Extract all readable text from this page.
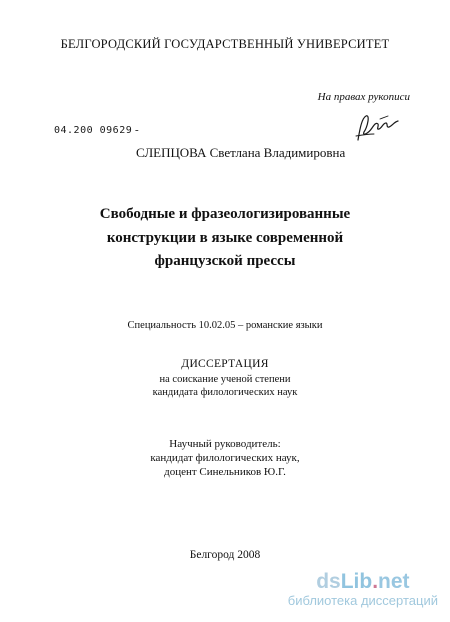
БЕЛГОРОДСКИЙ ГОСУДАРСТВЕННЫЙ УНИВЕРСИТЕТ
На правах рукописи
04.200 09629 -
СЛЕПЦОВА Светлана Владимировна
Свободные и фразеологизированные
конструкции в языке современной
французской прессы
Специальность 10.02.05 – романские языки
ДИССЕРТАЦИЯ
на соискание ученой степени
кандидата филологических наук
Научный руководитель:
кандидат филологических наук,
доцент Синельников Ю.Г.
Белгород 2008
dsLib.net
библиотека диссертаций
